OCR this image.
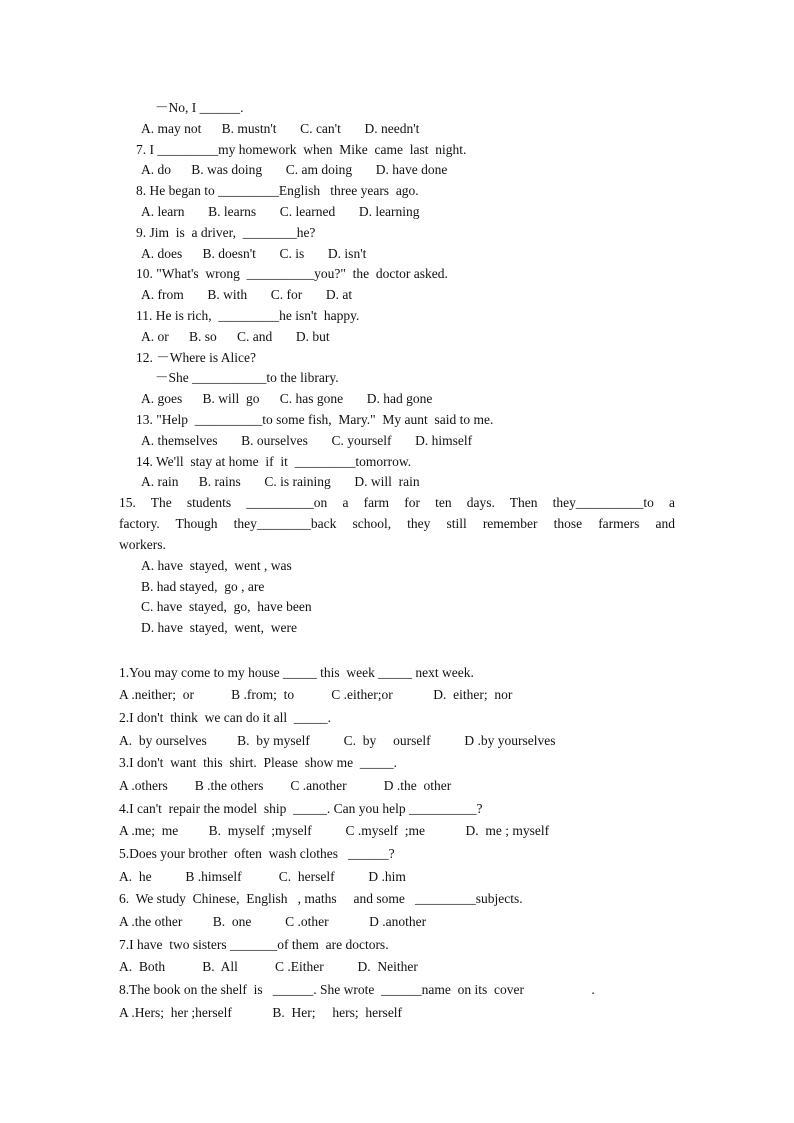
－No, I ______.
A. may not      B. mustn't       C. can't       D. needn't
7. I _________my homework  when  Mike  came  last  night.
A. do      B. was doing       C. am doing       D. have done
8. He began to _________English   three years  ago.
A. learn       B. learns       C. learned       D. learning
9. Jim  is  a driver,  ________he?
A. does      B. doesn't       C. is       D. isn't
10. "What's  wrong  __________you?"  the  doctor asked.
A. from       B. with       C. for       D. at
11. He is rich,  _________he isn't  happy.
A. or      B. so      C. and       D. but
12. －Where is Alice?
－She ___________to the library.
A. goes      B. will  go      C. has gone       D. had gone
13. "Help  __________to some fish,  Mary."  My aunt  said to me.
A. themselves       B. ourselves       C. yourself       D. himself
14. We'll  stay at home  if  it  _________tomorrow.
A. rain      B. rains       C. is raining       D. will  rain
15. The students __________on a farm for ten days. Then they__________to a
factory. Though they________back school, they still remember those farmers and
workers.
A. have  stayed,  went , was
B. had stayed,  go , are
C. have  stayed,  go,  have been
D. have  stayed,  went,  were
1.You may come to my house _____ this  week _____ next week.
A .neither;  or           B .from;  to           C .either;or            D.  either;  nor
2.I don't  think  we can do it all  _____.
A.  by ourselves         B.  by myself          C.  by     ourself          D .by yourselves
3.I don't  want  this  shirt.  Please  show me  _____.
A .others        B .the others        C .another           D .the  other
4.I can't  repair the model  ship  _____. Can you help __________?
A .me;  me         B.  myself  ;myself          C .myself  ;me            D.  me ; myself
5.Does your brother  often  wash clothes   ______?
A.  he          B .himself           C.  herself          D .him
6.  We study  Chinese,  English   , maths     and some   _________subjects.
A .the other         B.  one          C .other            D .another
7.I have  two sisters _______of them  are doctors.
A.  Both           B.  All           C .Either          D.  Neither
8.The book on the shelf  is   ______. She wrote  ______name  on its  cover                    .
A .Hers;  her ;herself            B.  Her;     hers;  herself
